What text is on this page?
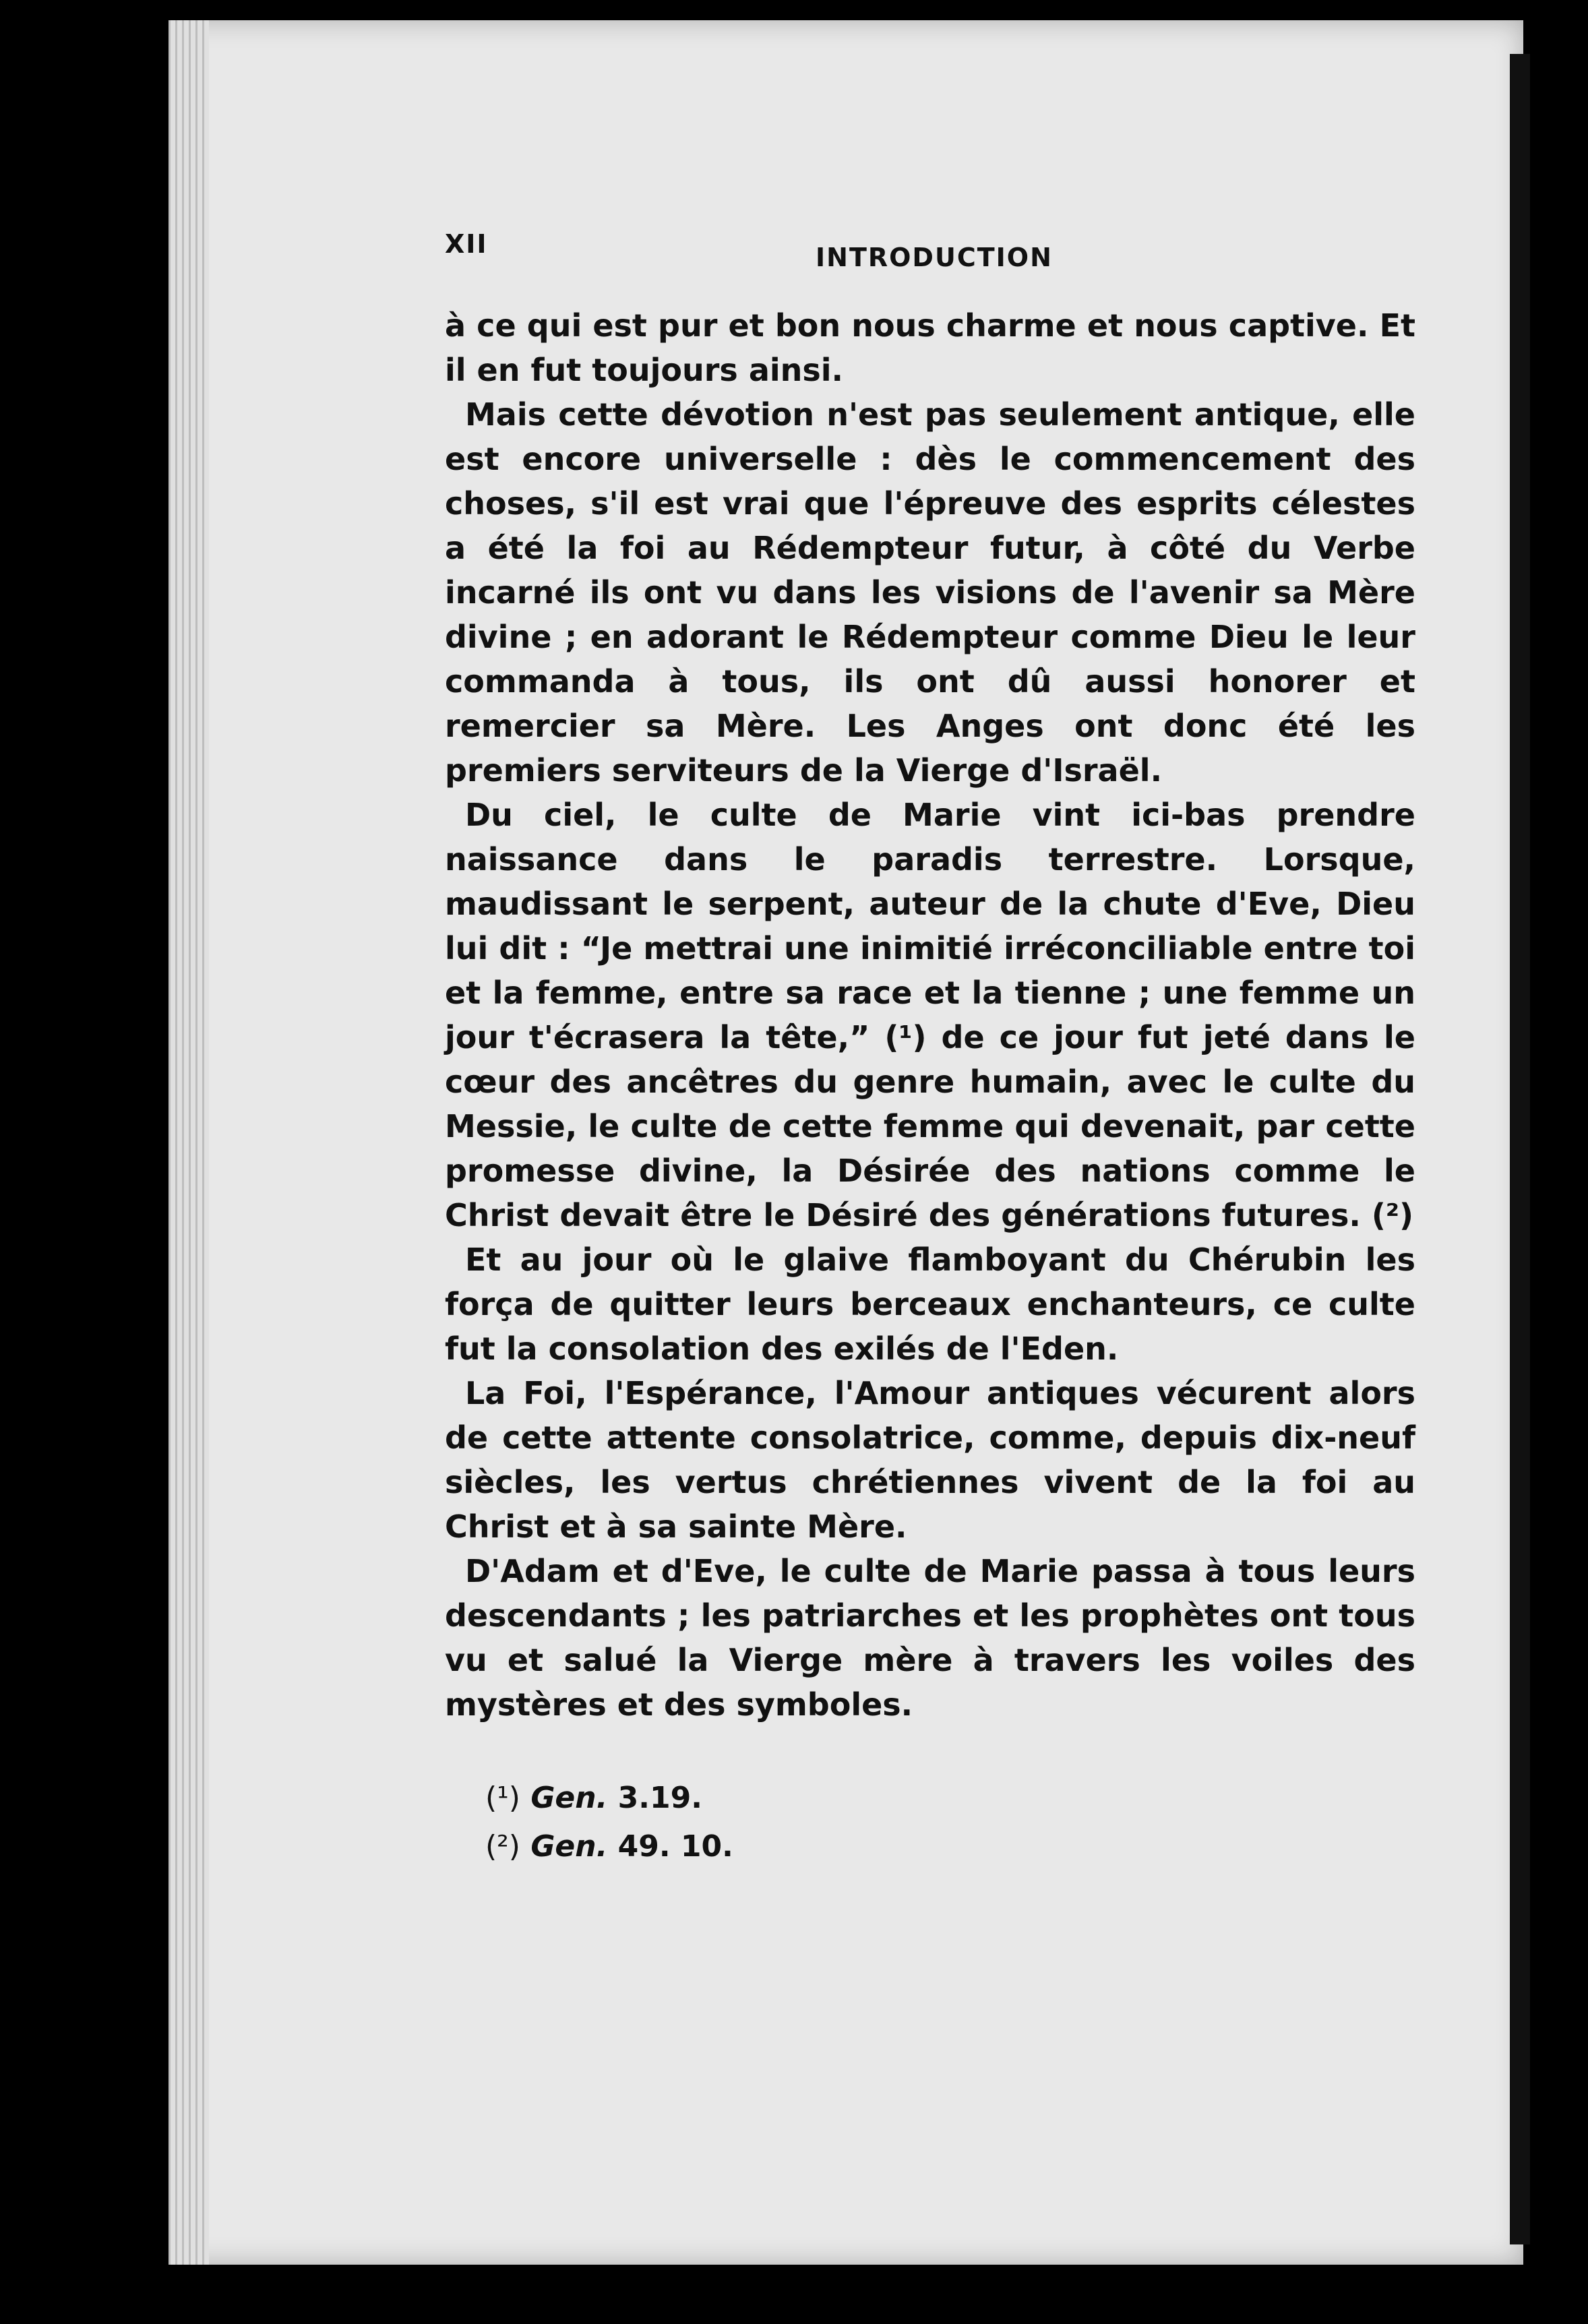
XII	INTRODUCTION

à ce qui est pur et bon nous charme et nous captive. Et il en fut toujours ainsi.

Mais cette dévotion n'est pas seulement antique, elle est encore universelle : dès le commencement des choses, s'il est vrai que l'épreuve des esprits célestes a été la foi au Rédempteur futur, à côté du Verbe incarné ils ont vu dans les visions de l'avenir sa Mère divine ; en adorant le Rédempteur comme Dieu le leur commanda à tous, ils ont dû aussi honorer et remercier sa Mère. Les Anges ont donc été les premiers serviteurs de la Vierge d'Israël.

Du ciel, le culte de Marie vint ici-bas prendre naissance dans le paradis terrestre. Lorsque, maudissant le serpent, auteur de la chute d'Eve, Dieu lui dit : “Je mettrai une inimitié irréconciliable entre toi et la femme, entre sa race et la tienne ; une femme un jour t'écrasera la tête,” (¹) de ce jour fut jeté dans le cœur des ancêtres du genre humain, avec le culte du Messie, le culte de cette femme qui devenait, par cette promesse divine, la Désirée des nations comme le Christ devait être le Désiré des générations futures. (²)

Et au jour où le glaive flamboyant du Chérubin les força de quitter leurs berceaux enchanteurs, ce culte fut la consolation des exilés de l'Eden.

La Foi, l'Espérance, l'Amour antiques vécurent alors de cette attente consolatrice, comme, depuis dix-neuf siècles, les vertus chrétiennes vivent de la foi au Christ et à sa sainte Mère.

D'Adam et d'Eve, le culte de Marie passa à tous leurs descendants ; les patriarches et les prophètes ont tous vu et salué la Vierge mère à travers les voiles des mystères et des symboles.

(¹) Gen. 3.19.
(²) Gen. 49. 10.
